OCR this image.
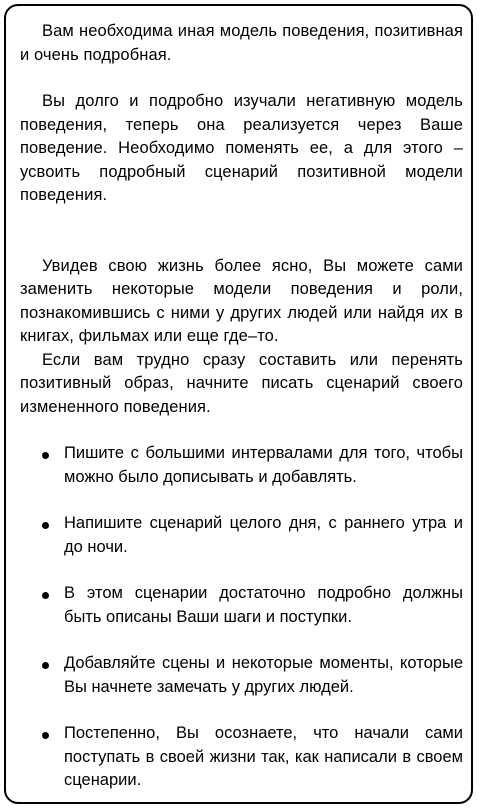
Вам необходима иная модель поведения, позитивная и очень подробная.

Вы долго и подробно изучали негативную модель поведения, теперь она реализуется через Ваше поведение. Необходимо поменять ее, а для этого – усвоить подробный сценарий позитивной модели поведения.

Увидев свою жизнь более ясно, Вы можете сами заменить некоторые модели поведения и роли, познакомившись с ними у других людей или найдя их в книгах, фильмах или еще где–то.

Если вам трудно сразу составить или перенять позитивный образ, начните писать сценарий своего измененного поведения.

Пишите с большими интервалами для того, чтобы можно было дописывать и добавлять.
Напишите сценарий целого дня, с раннего утра и до ночи.
В этом сценарии достаточно подробно должны быть описаны Ваши шаги и поступки.
Добавляйте сцены и некоторые моменты, которые Вы начнете замечать у других людей.
Постепенно, Вы осознаете, что начали сами поступать в своей жизни так, как написали в своем сценарии.
